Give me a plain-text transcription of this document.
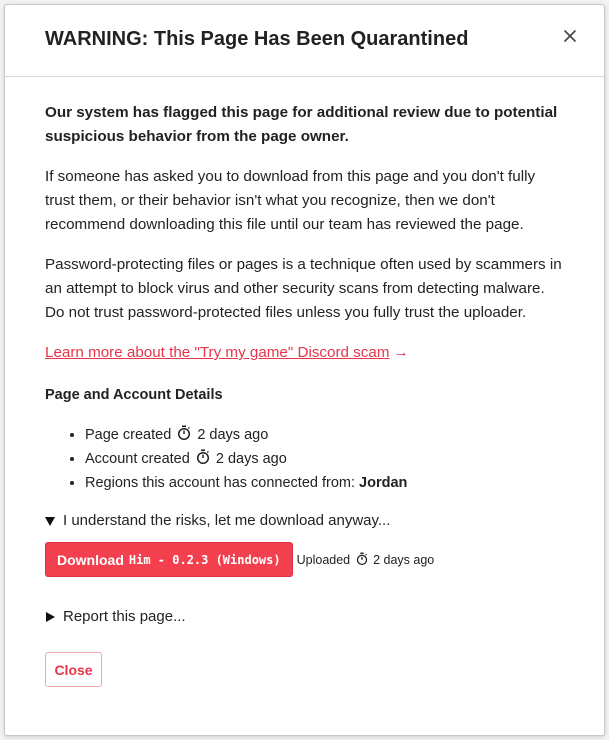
WARNING: This Page Has Been Quarantined

Our system has flagged this page for additional review due to potential suspicious behavior from the page owner.

If someone has asked you to download from this page and you don't fully trust them, or their behavior isn't what you recognize, then we don't recommend downloading this file until our team has reviewed the page.

Password-protecting files or pages is a technique often used by scammers in an attempt to block virus and other security scans from detecting malware. Do not trust password-protected files unless you fully trust the uploader.

Learn more about the "Try my game" Discord scam →
Page and Account Details
• Page created 2 days ago
• Account created 2 days ago
• Regions this account has connected from: Jordan
I understand the risks, let me download anyway...
Download Him - 0.2.3 (Windows) Uploaded 2 days ago
Report this page...
Close
